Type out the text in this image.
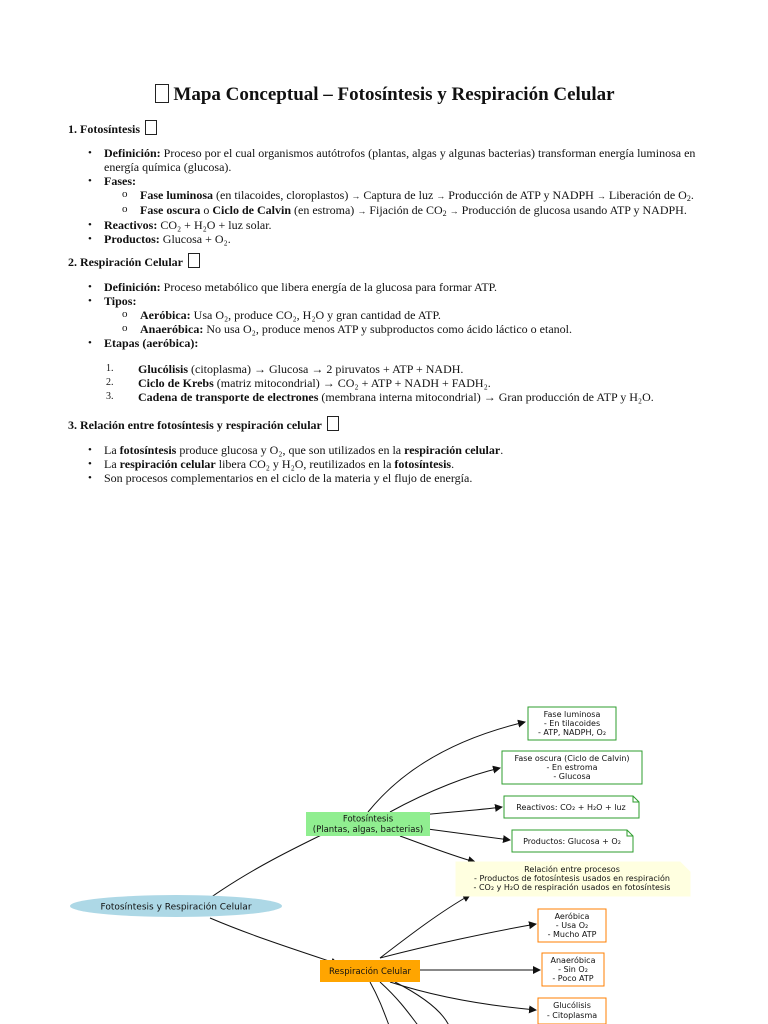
Mapa Conceptual – Fotosíntesis y Respiración Celular
1. Fotosíntesis
• Definición: Proceso por el cual organismos autótrofos (plantas, algas y algunas bacterias) transforman energía luminosa en energía química (glucosa).
• Fases:
o Fase luminosa (en tilacoides, cloroplastos) → Captura de luz → Producción de ATP y NADPH → Liberación de $O_2$.
o Fase oscura o Ciclo de Calvin (en estroma) → Fijación de $CO_2$ → Producción de glucosa usando ATP y NADPH.
• Reactivos: CO₂ + H₂O + luz solar.
• Productos: Glucosa + O₂.
2. Respiración Celular
• Definición: Proceso metabólico que libera energía de la glucosa para formar ATP.
• Tipos:
o Aeróbica: Usa O₂, produce CO₂, H₂O y gran cantidad de ATP.
o Anaeróbica: No usa O₂, produce menos ATP y subproductos como ácido láctico o etanol.
• Etapas (aeróbica):
1. Glucólisis (citoplasma) → Glucosa → 2 piruvatos + ATP + NADH.
2. Ciclo de Krebs (matriz mitocondrial) → CO₂ + ATP + NADH + FADH₂.
3. Cadena de transporte de electrones (membrana interna mitocondrial) → Gran producción de ATP y H₂O.
3. Relación entre fotosíntesis y respiración celular
• La fotosíntesis produce glucosa y O₂, que son utilizados en la respiración celular.
• La respiración celular libera CO₂ y H₂O, reutilizados en la fotosíntesis.
• Son procesos complementarios en el ciclo de la materia y el flujo de energía.
Fotosíntesis y Respiración Celular
Fotosíntesis
(Plantas, algas, bacterias)
Fase luminosa
- En tilacoides
- ATP, NADPH, O₂
Fase oscura (Ciclo de Calvin)
- En estroma
- Glucosa
Reactivos: CO₂ + H₂O + luz
Productos: Glucosa + O₂
Relación entre procesos
- Productos de fotosíntesis usados en respiración
- CO₂ y H₂O de respiración usados en fotosíntesis
Respiración Celular
Aeróbica
- Usa O₂
- Mucho ATP
Anaeróbica
- Sin O₂
- Poco ATP
Glucólisis
- Citoplasma
